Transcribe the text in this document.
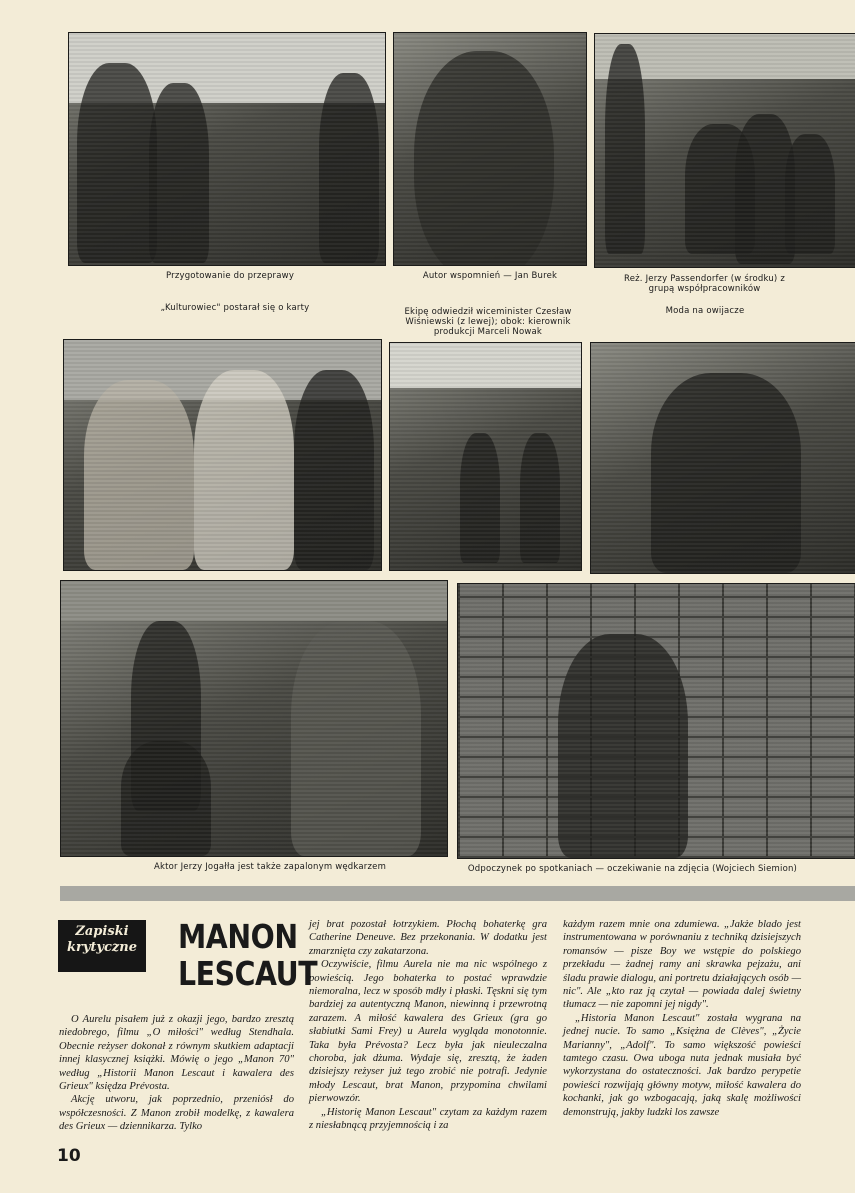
Przygotowanie do przeprawy	Autor wspomnień — Jan Burek	Reż. Jerzy Passendorfer (w środku) z grupą współpracowników
„Kulturowiec" postarał się o karty	Ekipę odwiedził wiceminister Czesław Wiśniewski (z lewej); obok: kierownik produkcji Marceli Nowak
Moda na owijacze
Aktor Jerzy Jogałła jest także zapalonym wędkarzem	Odpoczynek po spotkaniach — oczekiwanie na zdjęcia (Wojciech Siemion)
Zapiski
krytyczne MANON
LESCAUT

O Aurelu pisałem już z okazji jego, bardzo zresztą niedobrego, filmu „O miłości" według Stendhala. Obecnie reżyser dokonał z równym skutkiem adaptacji innej klasycznej książki. Mówię o jego „Manon 70" według „Historii Manon Lescaut i kawalera des Grieux" księdza Prévosta.

Akcję utworu, jak poprzednio, przeniósł do współczesności. Z Manon zrobił modelkę, z kawalera des Grieux — dziennikarza. Tylko

jej brat pozostał łotrzykiem. Płochą bohaterkę gra Catherine Deneuve. Bez przekonania. W dodatku jest zmarznięta czy zakatarzona.

Oczywiście, filmu Aurela nie ma nic wspólnego z powieścią. Jego bohaterka to postać wprawdzie niemoralna, lecz w sposób mdły i płaski. Tęskni się tym bardziej za autentyczną Manon, niewinną i przewrotną zarazem. A miłość kawalera des Grieux (gra go słabiutki Sami Frey) u Aurela wygląda monotonnie. Taka była Prévosta? Lecz była jak nieuleczalna choroba, jak dżuma. Wydaje się, zresztą, że żaden dzisiejszy reżyser już tego zrobić nie potrafi. Jedynie młody Lescaut, brat Manon, przypomina chwilami pierwowzór.

„Historię Manon Lescaut" czytam za każdym razem z niesłabnącą przyjemnością i za

każdym razem mnie ona zdumiewa. „Jakże blado jest instrumentowana w porównaniu z techniką dzisiejszych romansów — pisze Boy we wstępie do polskiego przekładu — żadnej ramy ani skrawka pejzażu, ani śladu prawie dialogu, ani portretu działających osób — nic". Ale „kto raz ją czytał — powiada dalej świetny tłumacz — nie zapomni jej nigdy".

„Historia Manon Lescaut" została wygrana na jednej nucie. To samo „Księżna de Clèves", „Życie Marianny", „Adolf". To samo większość powieści tamtego czasu. Owa uboga nuta jednak musiała być wykorzystana do ostateczności. Jak bardzo perypetie powieści rozwijają główny motyw, miłość kawalera do kochanki, jak go wzbogacają, jaką skalę możliwości demonstrują, jakby ludzki los zawsze

10
